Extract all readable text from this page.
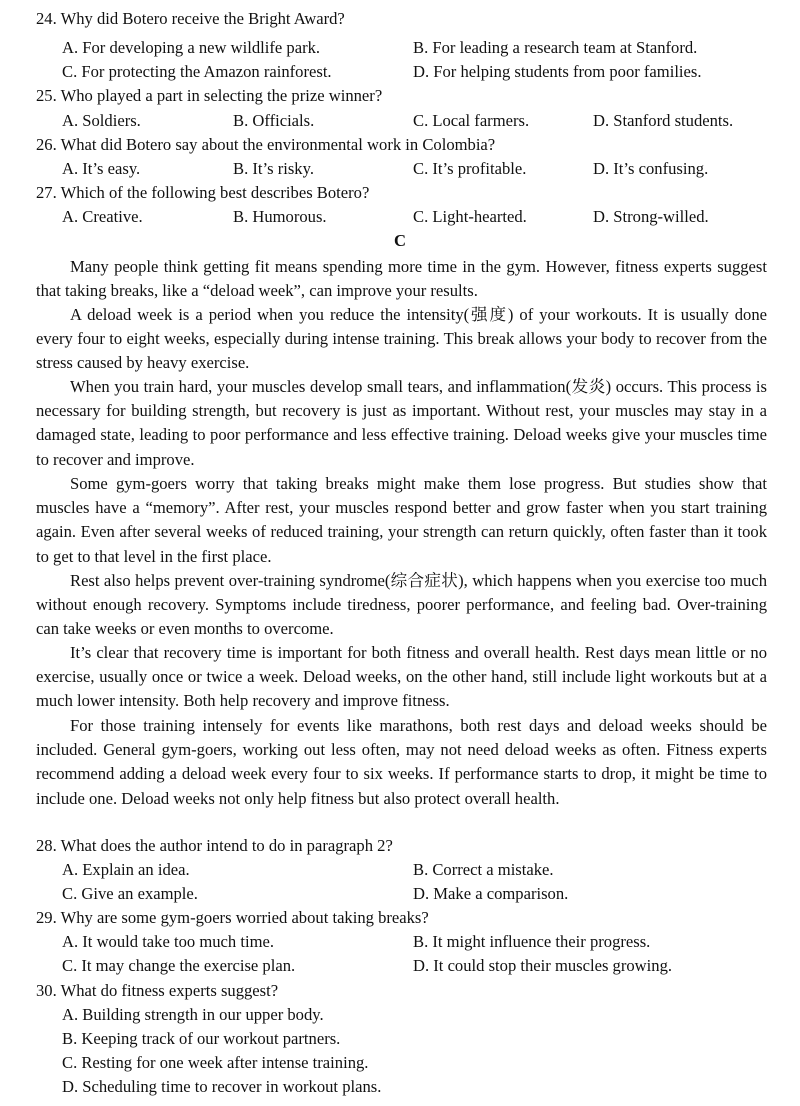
24. Why did Botero receive the Bright Award?
A. For developing a new wildlife park.	B. For leading a research team at Stanford.
C. For protecting the Amazon rainforest.	D. For helping students from poor families.
25. Who played a part in selecting the prize winner?
A. Soldiers.	B. Officials.	C. Local farmers.	D. Stanford students.
26. What did Botero say about the environmental work in Colombia?
A. It’s easy.	B. It’s risky.	C. It’s profitable.	D. It’s confusing.
27. Which of the following best describes Botero?
A. Creative.	B. Humorous.	C. Light-hearted.	D. Strong-willed.
C

Many people think getting fit means spending more time in the gym. However, fitness experts suggest that taking breaks, like a “deload week”, can improve your results.

A deload week is a period when you reduce the intensity(强度) of your workouts. It is usually done every four to eight weeks, especially during intense training. This break allows your body to recover from the stress caused by heavy exercise.

When you train hard, your muscles develop small tears, and inflammation(发炎) occurs. This process is necessary for building strength, but recovery is just as important. Without rest, your muscles may stay in a damaged state, leading to poor performance and less effective training. Deload weeks give your muscles time to recover and improve.

Some gym-goers worry that taking breaks might make them lose progress. But studies show that muscles have a “memory”. After rest, your muscles respond better and grow faster when you start training again. Even after several weeks of reduced training, your strength can return quickly, often faster than it took to get to that level in the first place.

Rest also helps prevent over-training syndrome(综合症状), which happens when you exercise too much without enough recovery. Symptoms include tiredness, poorer performance, and feeling bad. Over-training can take weeks or even months to overcome.

It’s clear that recovery time is important for both fitness and overall health. Rest days mean little or no exercise, usually once or twice a week. Deload weeks, on the other hand, still include light workouts but at a much lower intensity. Both help recovery and improve fitness.

For those training intensely for events like marathons, both rest days and deload weeks should be included. General gym-goers, working out less often, may not need deload weeks as often. Fitness experts recommend adding a deload week every four to six weeks. If performance starts to drop, it might be time to include one. Deload weeks not only help fitness but also protect overall health.

28. What does the author intend to do in paragraph 2?
A. Explain an idea.	B. Correct a mistake.
C. Give an example.	D. Make a comparison.
29. Why are some gym-goers worried about taking breaks?
A. It would take too much time.	B. It might influence their progress.
C. It may change the exercise plan.	D. It could stop their muscles growing.
30. What do fitness experts suggest?
A. Building strength in our upper body.
B. Keeping track of our workout partners.
C. Resting for one week after intense training.
D. Scheduling time to recover in workout plans.
